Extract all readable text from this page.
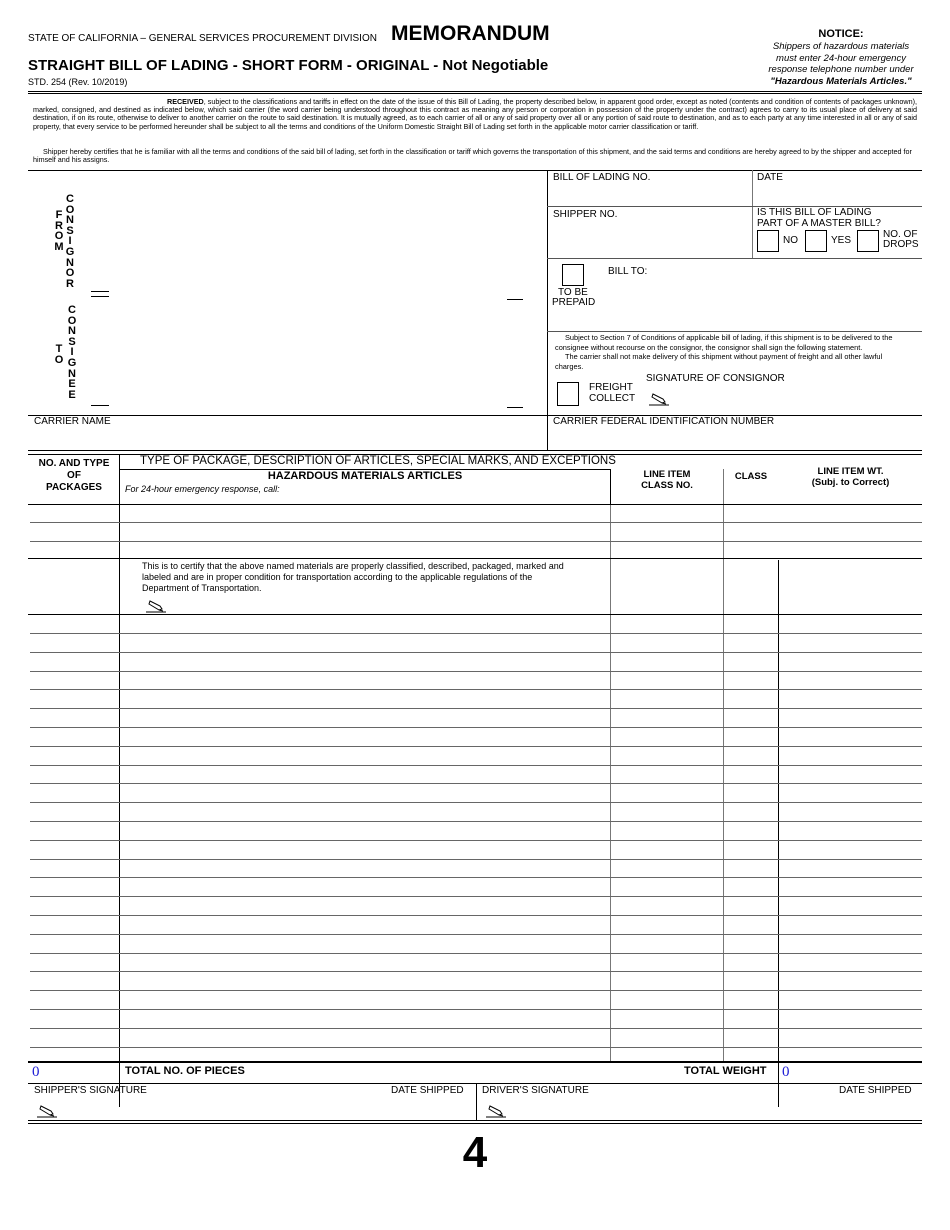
STATE OF CALIFORNIA – GENERAL SERVICES PROCUREMENT DIVISION MEMORANDUM
STRAIGHT BILL OF LADING - SHORT FORM - ORIGINAL - Not Negotiable
STD. 254 (Rev. 10/2019)
NOTICE:
Shippers of hazardous materials
must enter 24-hour emergency
response telephone number under
"Hazardous Materials Articles."
RECEIVED, subject to the classifications and tariffs in effect on the date of the issue of this Bill of Lading, the property described below, in apparent good order, except as noted (contents and condition of contents of packages unknown), marked, consigned, and destined as indicated below, which said carrier (the word carrier being understood throughout this contract as meaning any person or corporation in possession of the property under the contract) agrees to carry to its usual place of delivery at said destination, if on its route, otherwise to deliver to another carrier on the route to said destination. It is mutually agreed, as to each carrier of all or any of said property over all or any portion of said route to destination, and as to each party at any time interested in all or any of said property, that every service to be performed hereunder shall be subject to all the terms and conditions of the Uniform Domestic Straight Bill of Lading set forth in the applicable motor carrier classification or tariff.
Shipper hereby certifies that he is familiar with all the terms and conditions of the said bill of lading, set forth in the classification or tariff which governs the transportation of this shipment, and the said terms and conditions are hereby agreed to by the shipper and accepted for himself and his assigns.
F
R
O
M
C
O
N
S
I
G
N
O
R
T
O
C
O
N
S
I
G
N
E
E
BILL OF LADING NO.	DATE
SHIPPER NO.	IS THIS BILL OF LADING
PART OF A MASTER BILL?
NO	YES
NO. OF
DROPS
BILL TO:
TO BE
PREPAID
Subject to Section 7 of Conditions of applicable bill of lading, if this shipment is to be delivered to the
consignee without recourse on the consignor, the consignor shall sign the following statement.
The carrier shall not make delivery of this shipment without payment of freight and all other lawful
charges.
SIGNATURE OF CONSIGNOR
FREIGHT
COLLECT
CARRIER NAME	CARRIER FEDERAL IDENTIFICATION NUMBER
NO. AND TYPE
OF
PACKAGES
TYPE OF PACKAGE, DESCRIPTION OF ARTICLES, SPECIAL MARKS, AND EXCEPTIONS
HAZARDOUS MATERIALS ARTICLES
For 24-hour emergency response, call:
LINE ITEM
CLASS NO.
CLASS	LINE ITEM WT.
(Subj. to Correct)
This is to certify that the above named materials are properly classified, described, packaged, marked and
labeled and are in proper condition for transportation according to the applicable regulations of the
Department of Transportation.
0	TOTAL NO. OF PIECES	TOTAL WEIGHT 0
SHIPPER'S SIGNATURE	DATE SHIPPED DRIVER'S SIGNATURE	DATE SHIPPED
4
